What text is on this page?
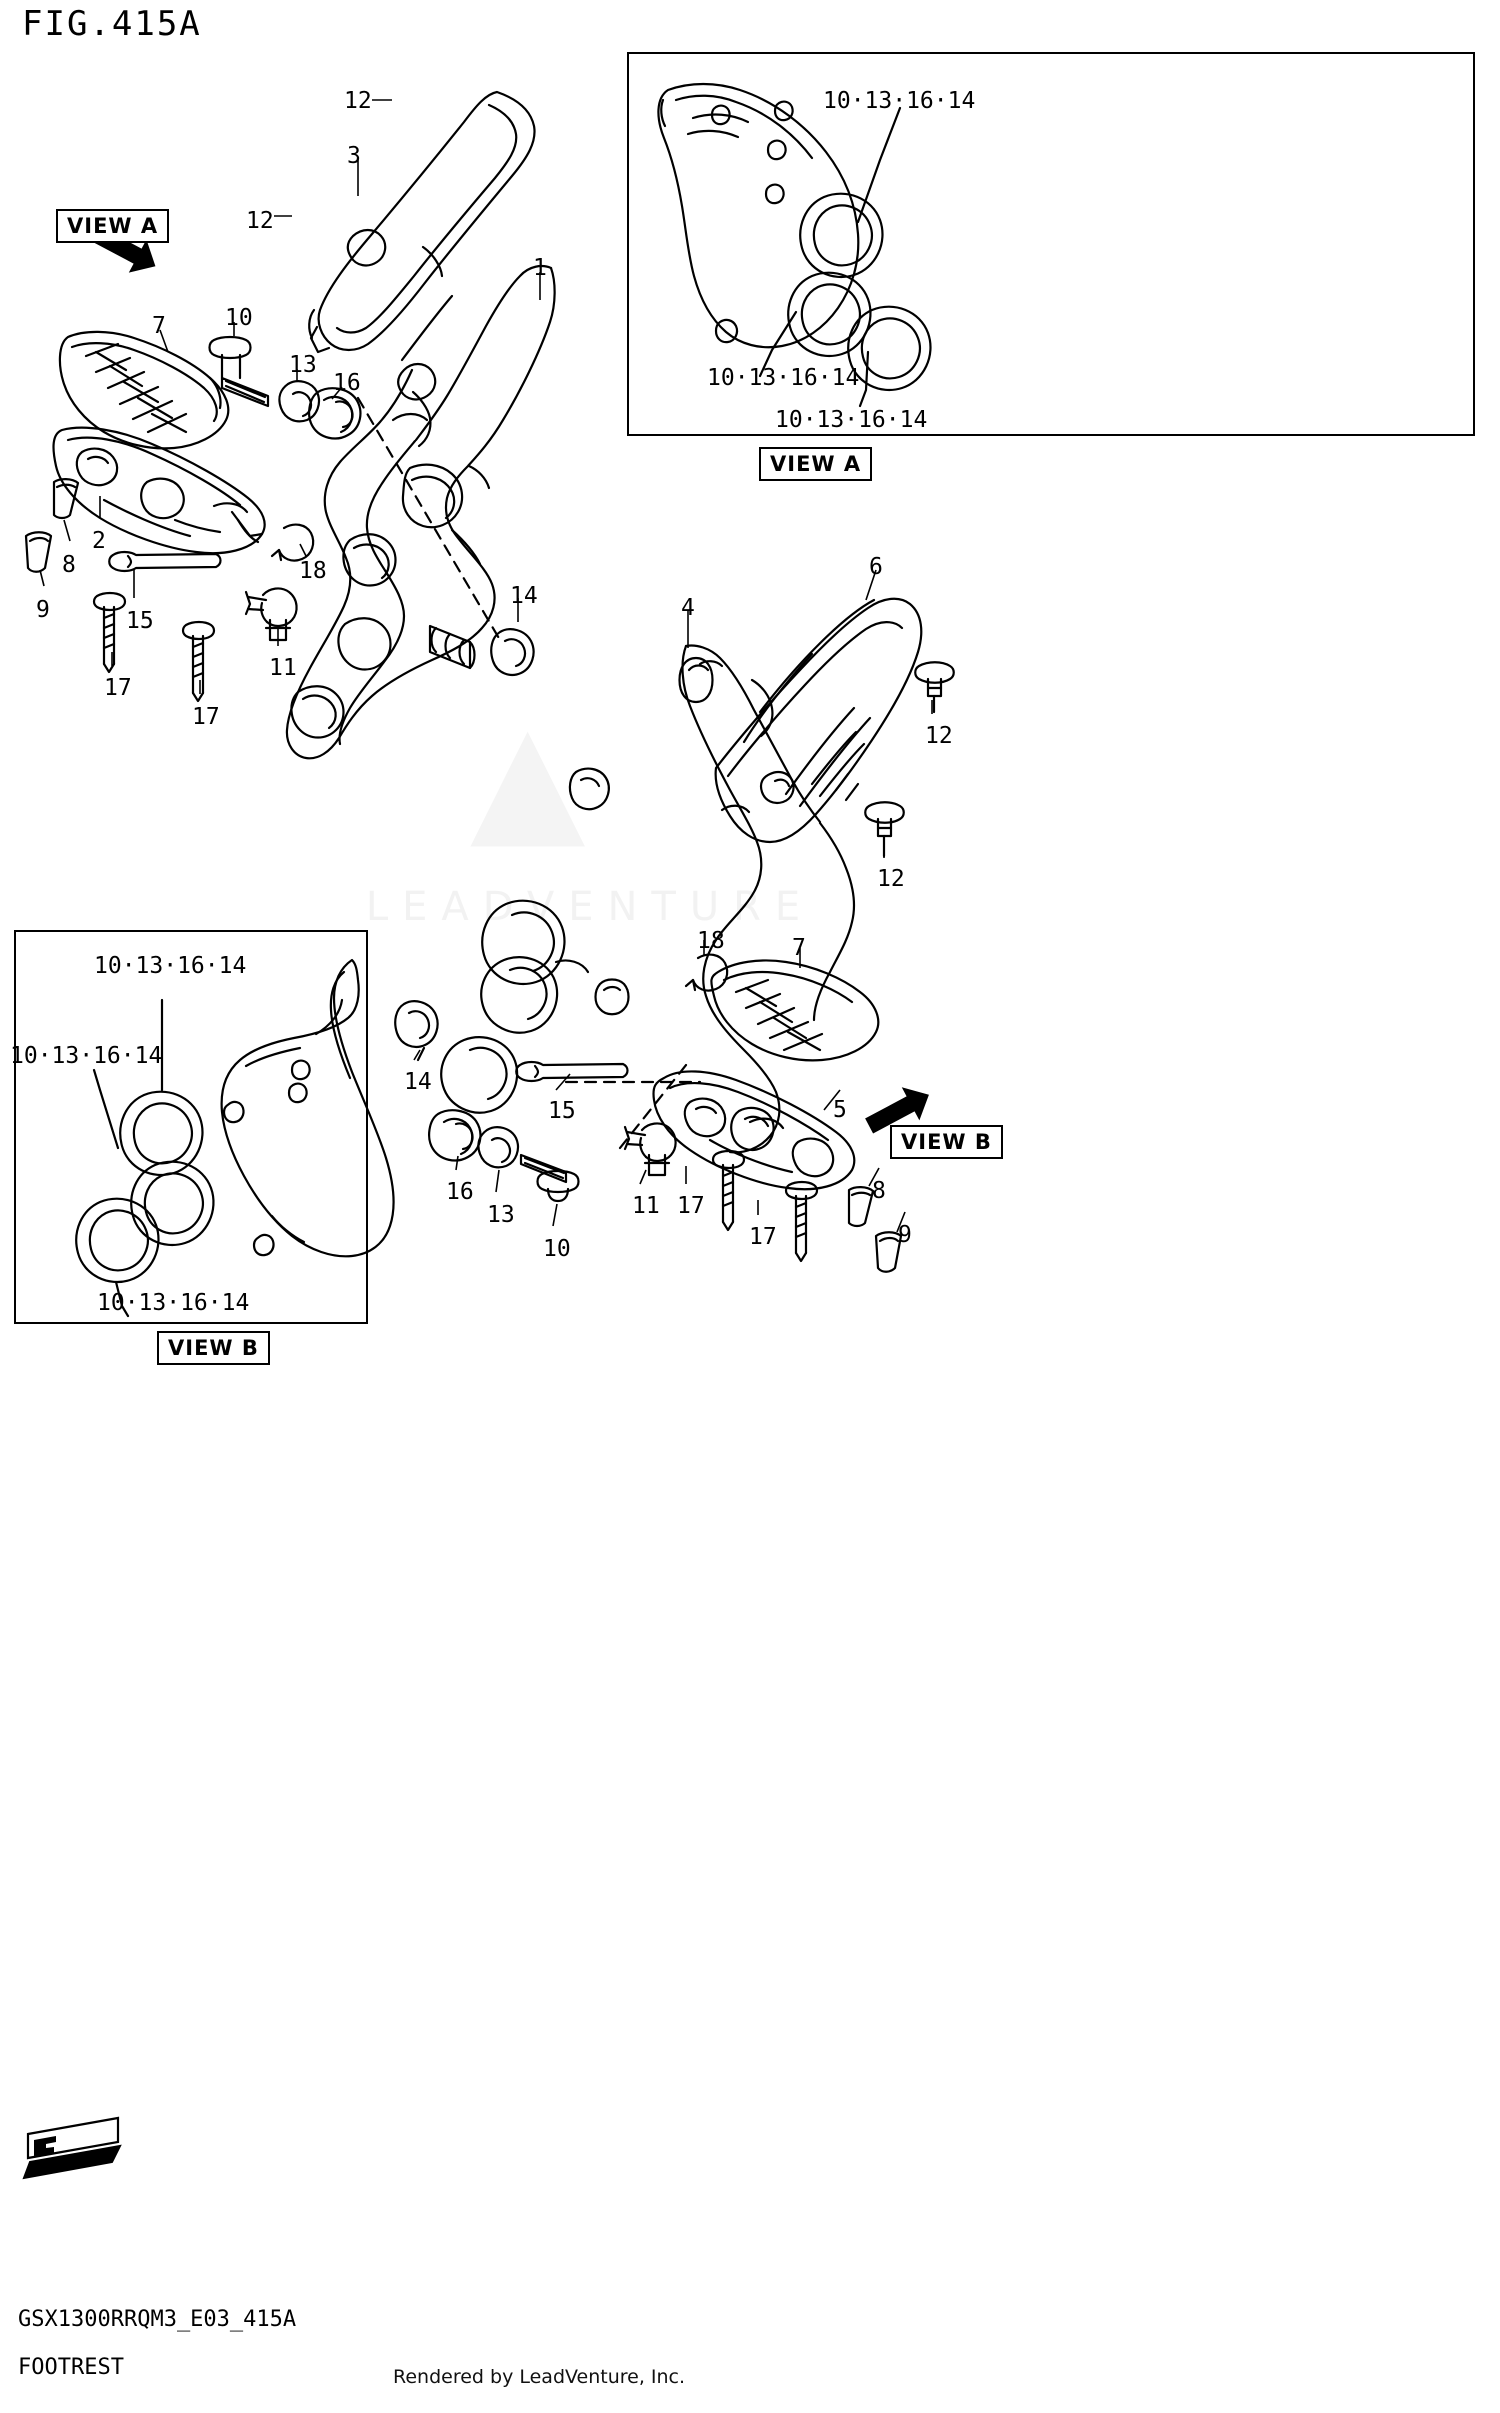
FIG.415A
▲
LEADVENTURE
VIEW A
VIEW A
VIEW B
VIEW B
10·13·16·14
10·13·16·14
10·13·16·14
10·13·16·14
10·13·16·14
10·13·16·14
12
3
12
1
7	10
13
16
2
8
9	15
18
14
11
17
17
6
4
12
12
18	7
5
14
15
16
13
10
11 17
17
8
9
GSX1300RRQM3_E03_415A
FOOTREST	Rendered by LeadVenture, Inc.
